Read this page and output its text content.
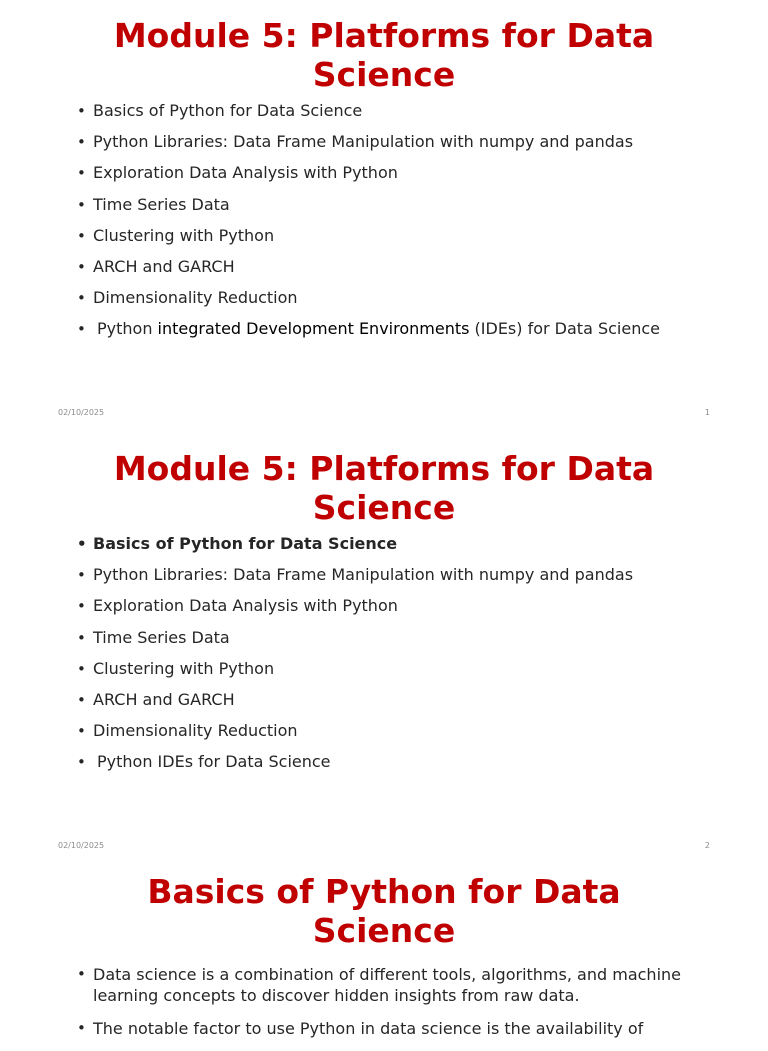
Module 5: Platforms for Data Science
• Basics of Python for Data Science
• Python Libraries: Data Frame Manipulation with numpy and pandas
• Exploration Data Analysis with Python
• Time Series Data
• Clustering with Python
• ARCH and GARCH
• Dimensionality Reduction
• Python integrated Development Environments (IDEs) for Data Science
02/10/2025	1
Module 5: Platforms for Data Science
• Basics of Python for Data Science
• Python Libraries: Data Frame Manipulation with numpy and pandas
• Exploration Data Analysis with Python
• Time Series Data
• Clustering with Python
• ARCH and GARCH
• Dimensionality Reduction
• Python IDEs for Data Science
02/10/2025	2
Basics of Python for Data Science
• Data science is a combination of different tools, algorithms, and machine learning concepts to discover hidden insights from raw data.
• The notable factor to use Python in data science is the availability of
